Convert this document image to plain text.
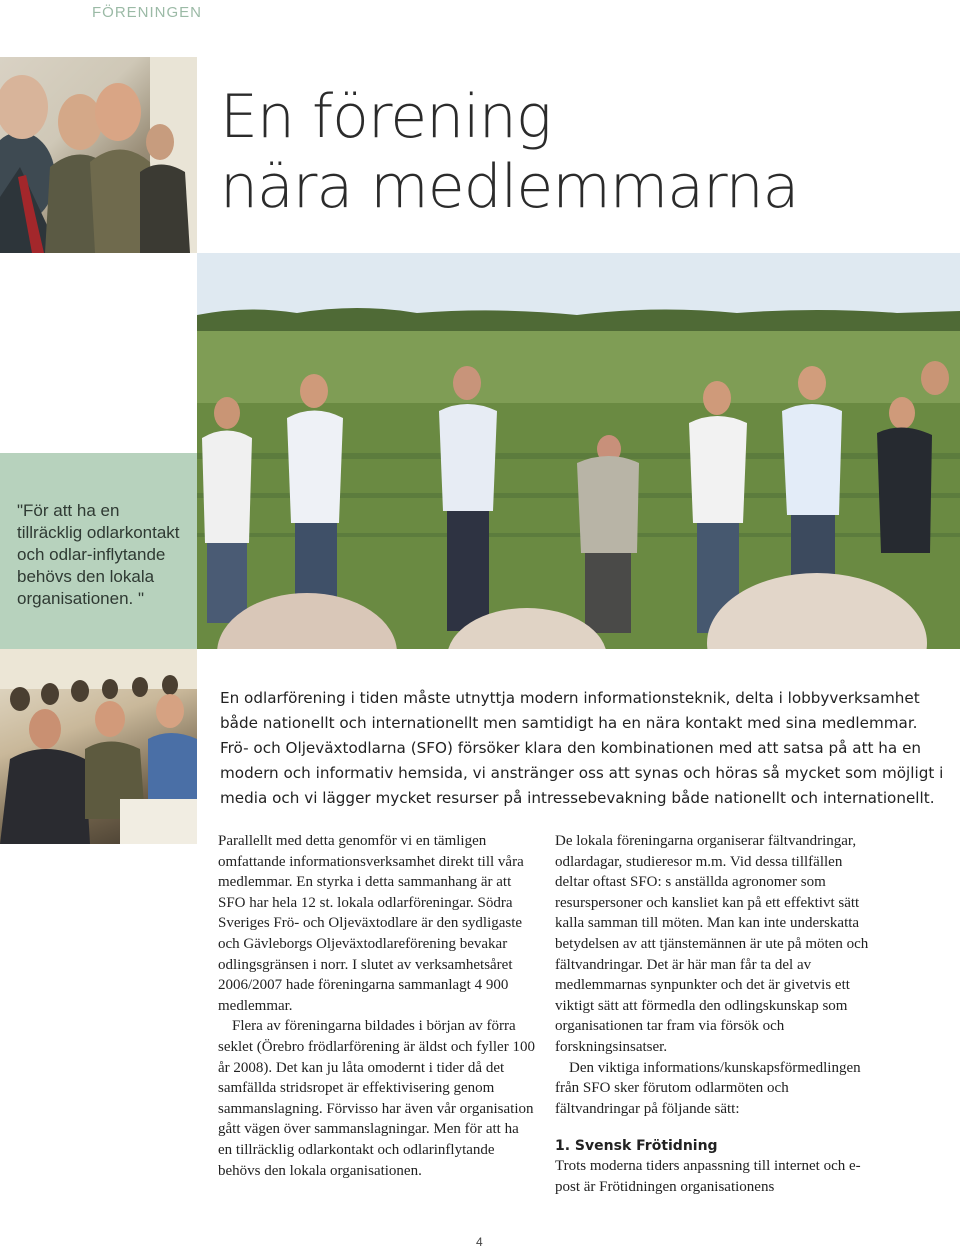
FÖRENINGEN
En förening
nära medlemmarna
"För att ha en tillräcklig odlarkontakt och odlar-inflytande behövs den lokala organisationen. "

En odlarförening i tiden måste utnyttja modern informationsteknik, delta i lobbyverksamhet både nationellt och internationellt men samtidigt ha en nära kontakt med sina medlemmar.

Frö- och Oljeväxtodlarna (SFO) försöker klara den kombinationen med att satsa på att ha en modern och informativ hemsida, vi anstränger oss att synas och höras så mycket som möjligt i media och vi lägger mycket resurser på intressebevakning både nationellt och internationellt.

Parallellt med detta genomför vi en tämligen omfattande informationsverksamhet direkt till våra medlemmar. En styrka i detta sammanhang är att SFO har hela 12 st. lokala odlarföreningar. Södra Sveriges Frö- och Oljeväxtodlare är den sydligaste och Gävleborgs Oljeväxtodlareförening bevakar odlingsgränsen i norr. I slutet av verksamhetsåret 2006/2007 hade föreningarna sammanlagt 4 900 medlemmar.

Flera av föreningarna bildades i början av förra seklet (Örebro frödlarförening är äldst och fyller 100 år 2008). Det kan ju låta omodernt i tider då det samfällda stridsropet är effektivisering genom sammanslagning. Förvisso har även vår organisation gått vägen över sammanslagningar. Men för att ha en tillräcklig odlarkontakt och odlarinflytande behövs den lokala organisationen.

De lokala föreningarna organiserar fältvandringar, odlardagar, studieresor m.m. Vid dessa tillfällen deltar oftast SFO: s anställda agronomer som resurspersoner och kansliet kan på ett effektivt sätt kalla samman till möten. Man kan inte underskatta betydelsen av att tjänstemännen är ute på möten och fältvandringar. Det är här man får ta del av medlemmarnas synpunkter och det är givetvis ett viktigt sätt att förmedla den odlingskunskap som organisationen tar fram via försök och forskningsinsatser.

Den viktiga informations/kunskapsförmedlingen från SFO sker förutom odlarmöten och fältvandringar på följande sätt:

1. Svensk Frötidning

Trots moderna tiders anpassning till internet och e-post är Frötidningen organisationens

4
